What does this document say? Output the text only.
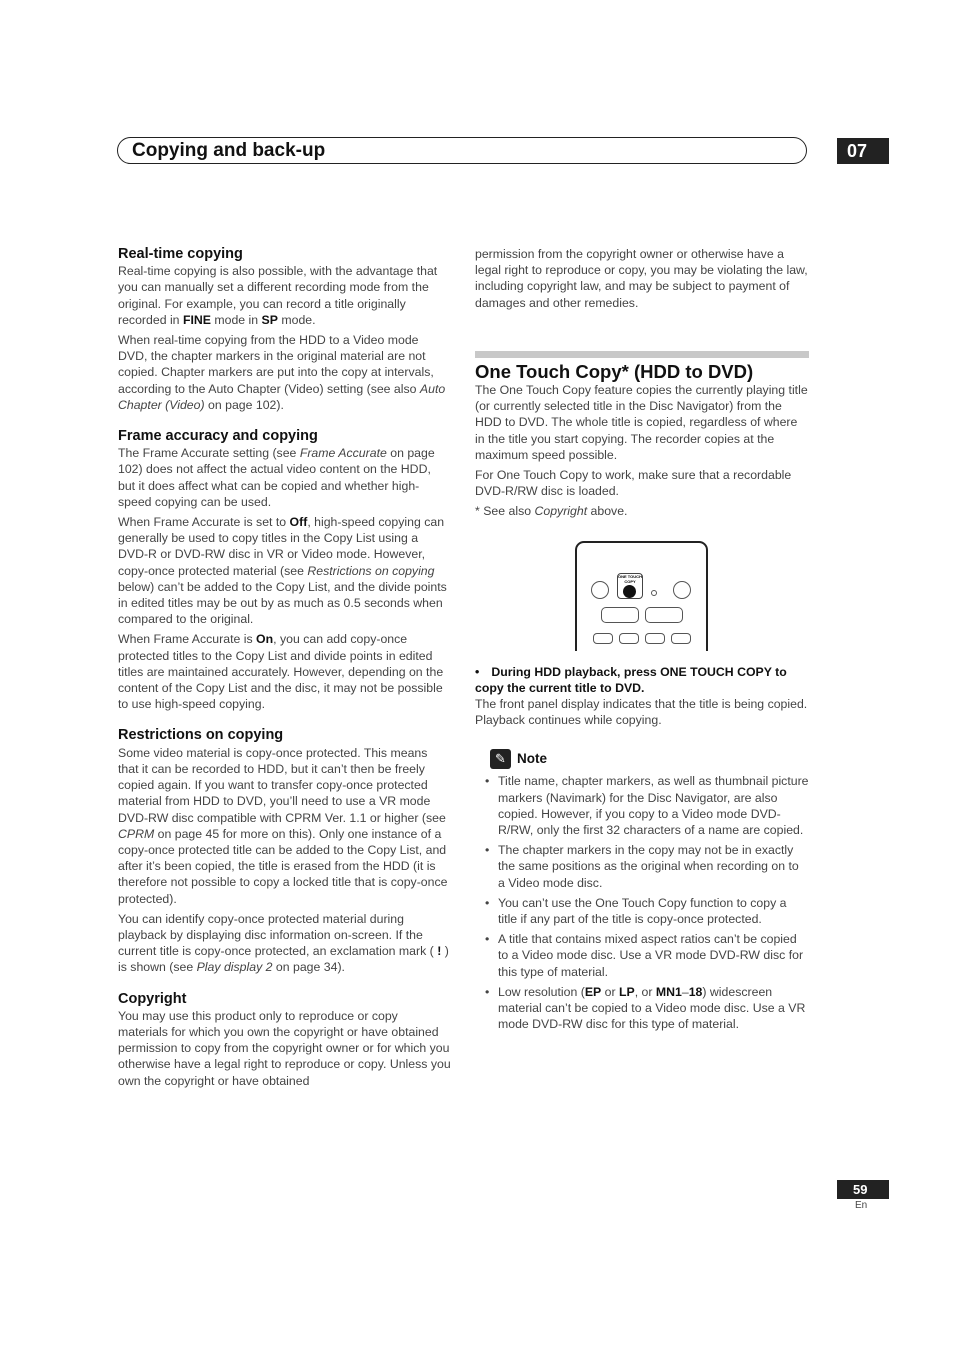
Copying and back-up	07
Real-time copying

Real-time copying is also possible, with the advantage that you can manually set a different recording mode from the original. For example, you can record a title originally recorded in FINE mode in SP mode.

When real-time copying from the HDD to a Video mode DVD, the chapter markers in the original material are not copied. Chapter markers are put into the copy at intervals, according to the Auto Chapter (Video) setting (see also Auto Chapter (Video) on page 102).

Frame accuracy and copying

The Frame Accurate setting (see Frame Accurate on page 102) does not affect the actual video content on the HDD, but it does affect what can be copied and whether high-speed copying can be used.

When Frame Accurate is set to Off, high-speed copying can generally be used to copy titles in the Copy List using a DVD-R or DVD-RW disc in VR or Video mode. However, copy-once protected material (see Restrictions on copying below) can’t be added to the Copy List, and the divide points in edited titles may be out by as much as 0.5 seconds when compared to the original.

When Frame Accurate is On, you can add copy-once protected titles to the Copy List and divide points in edited titles are maintained accurately. However, depending on the content of the Copy List and the disc, it may not be possible to use high-speed copying.

Restrictions on copying

Some video material is copy-once protected. This means that it can be recorded to HDD, but it can’t then be freely copied again. If you want to transfer copy-once protected material from HDD to DVD, you’ll need to use a VR mode DVD-RW disc compatible with CPRM Ver. 1.1 or higher (see CPRM on page 45 for more on this). Only one instance of a copy-once protected title can be added to the Copy List, and after it’s been copied, the title is erased from the HDD (it is therefore not possible to copy a locked title that is copy-once protected).

You can identify copy-once protected material during playback by displaying disc information on-screen. If the current title is copy-once protected, an exclamation mark ( ! ) is shown (see Play display 2 on page 34).

Copyright

You may use this product only to reproduce or copy materials for which you own the copyright or have obtained permission to copy from the copyright owner or for which you otherwise have a legal right to reproduce or copy. Unless you own the copyright or have obtained

permission from the copyright owner or otherwise have a legal right to reproduce or copy, you may be violating the law, including copyright law, and may be subject to payment of damages and other remedies.

One Touch Copy* (HDD to DVD)

The One Touch Copy feature copies the currently playing title (or currently selected title in the Disc Navigator) from the HDD to DVD. The whole title is copied, regardless of where in the title you start copying. The recorder copies at the maximum speed possible.

For One Touch Copy to work, make sure that a recordable DVD-R/RW disc is loaded.

* See also Copyright above.

ONE TOUCH COPY
• During HDD playback, press ONE TOUCH COPY to copy the current title to DVD.

The front panel display indicates that the title is being copied. Playback continues while copying.

✎ Note
• Title name, chapter markers, as well as thumbnail picture markers (Navimark) for the Disc Navigator, are also copied. However, if you copy to a Video mode DVD-R/RW, only the first 32 characters of a name are copied.
• The chapter markers in the copy may not be in exactly the same positions as the original when recording on to a Video mode disc.
• You can’t use the One Touch Copy function to copy a title if any part of the title is copy-once protected.
• A title that contains mixed aspect ratios can’t be copied to a Video mode disc. Use a VR mode DVD-RW disc for this type of material.
• Low resolution (EP or LP, or MN1–18) widescreen material can’t be copied to a Video mode disc. Use a VR mode DVD-RW disc for this type of material.
59
En
